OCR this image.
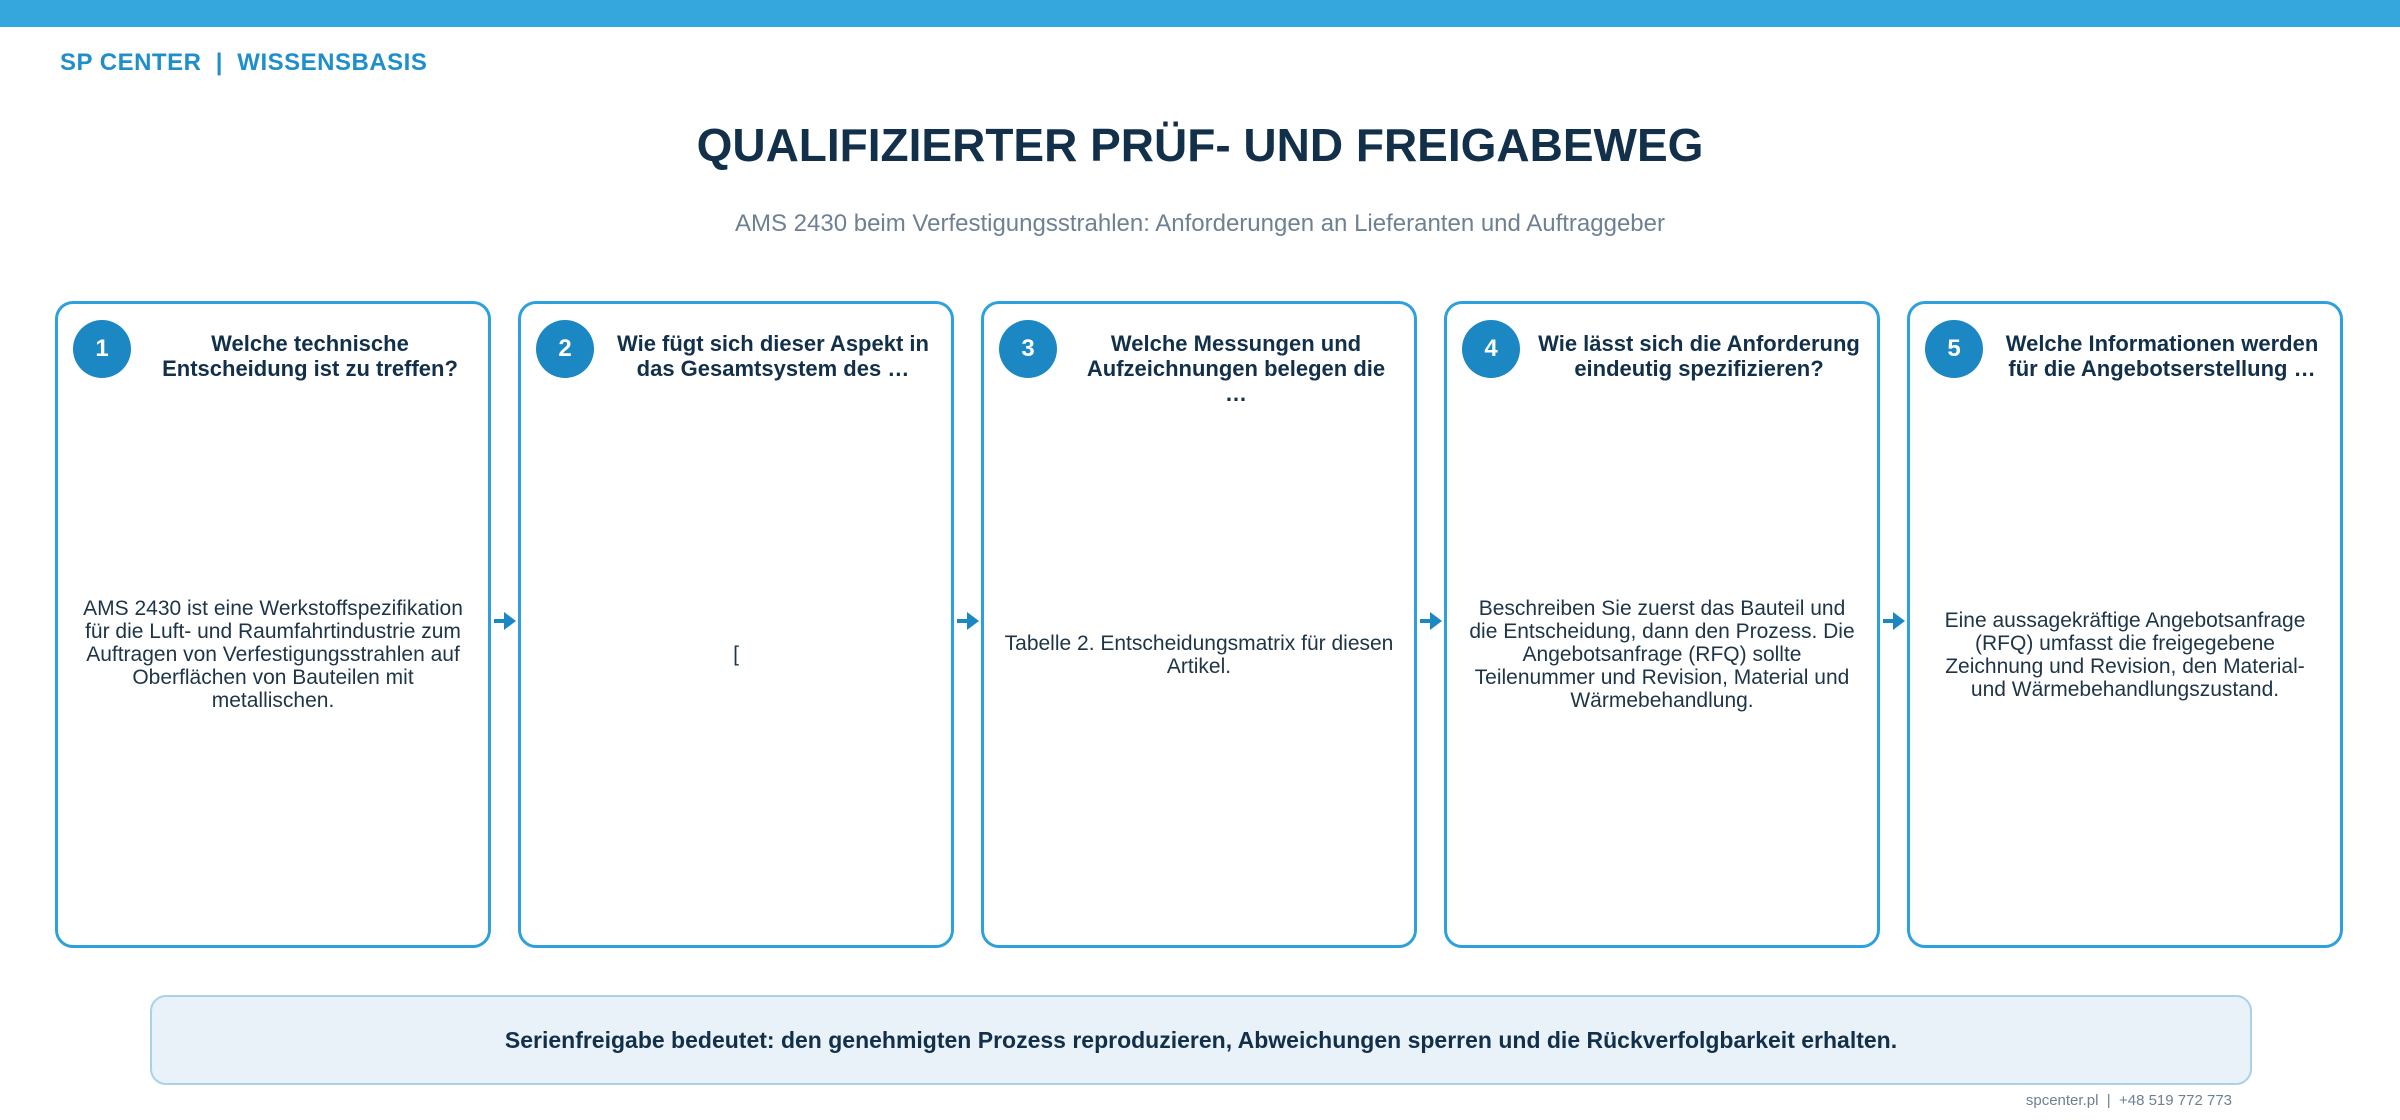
SP CENTER  |  WISSENSBASIS
QUALIFIZIERTER PRÜF- UND FREIGABEWEG
AMS 2430 beim Verfestigungsstrahlen: Anforderungen an Lieferanten und Auftraggeber
1	Welche technische Entscheidung ist zu treffen?
AMS 2430 ist eine Werkstoffspezifikation für die Luft- und Raumfahrtindustrie zum Auftragen von Verfestigungsstrahlen auf Oberflächen von Bauteilen mit metallischen.
2	Wie fügt sich dieser Aspekt in das Gesamtsystem des …
[
3	Welche Messungen und Aufzeichnungen belegen die …
Tabelle 2. Entscheidungsmatrix für diesen Artikel.
4	Wie lässt sich die Anforderung eindeutig spezifizieren?
Beschreiben Sie zuerst das Bauteil und die Entscheidung, dann den Prozess. Die Angebotsanfrage (RFQ) sollte Teilenummer und Revision, Material und Wärmebehandlung.
5	Welche Informationen werden für die Angebotserstellung …
Eine aussagekräftige Angebotsanfrage (RFQ) umfasst die freigegebene Zeichnung und Revision, den Material- und Wärmebehandlungszustand.
Serienfreigabe bedeutet: den genehmigten Prozess reproduzieren, Abweichungen sperren und die Rückverfolgbarkeit erhalten.
spcenter.pl  |  +48 519 772 773
